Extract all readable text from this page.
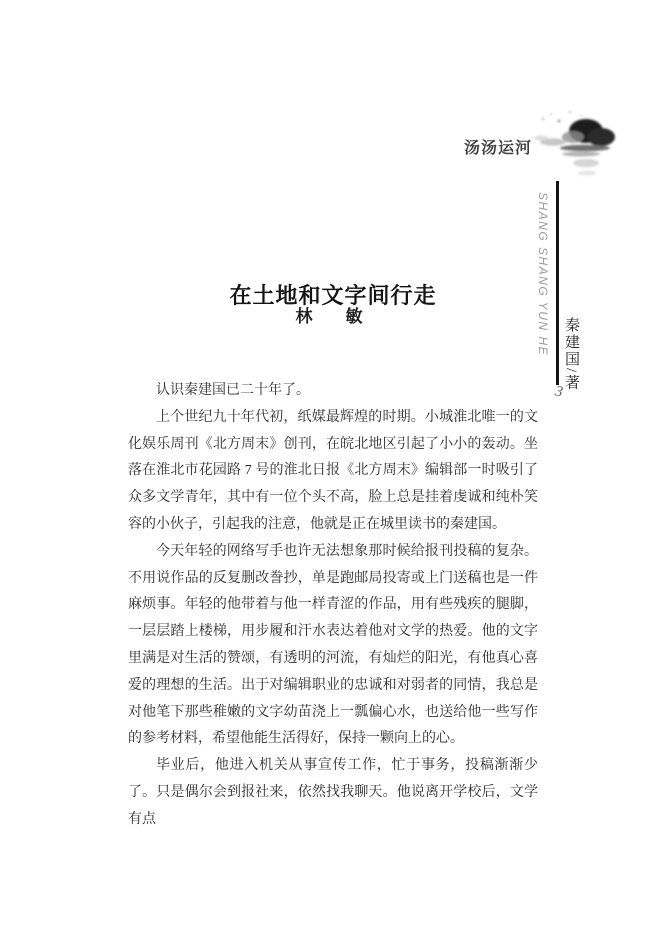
汤汤运河
SHANG SHANG YUN HE 秦建国/著
3
在土地和文字间行走
林　敏

认识秦建国已二十年了。

上个世纪九十年代初，纸媒最辉煌的时期。小城淮北唯一的文化娱乐周刊《北方周末》创刊，在皖北地区引起了小小的轰动。坐落在淮北市花园路 7 号的淮北日报《北方周末》编辑部一时吸引了众多文学青年，其中有一位个头不高，脸上总是挂着虔诚和纯朴笑容的小伙子，引起我的注意，他就是正在城里读书的秦建国。

今天年轻的网络写手也许无法想象那时候给报刊投稿的复杂。不用说作品的反复删改誊抄，单是跑邮局投寄或上门送稿也是一件麻烦事。年轻的他带着与他一样青涩的作品，用有些残疾的腿脚，一层层踏上楼梯，用步履和汗水表达着他对文学的热爱。他的文字里满是对生活的赞颂，有透明的河流，有灿烂的阳光，有他真心喜爱的理想的生活。出于对编辑职业的忠诚和对弱者的同情，我总是对他笔下那些稚嫩的文字幼苗浇上一瓢偏心水，也送给他一些写作的参考材料，希望他能生活得好，保持一颗向上的心。

毕业后，他进入机关从事宣传工作，忙于事务，投稿渐渐少了。只是偶尔会到报社来，依然找我聊天。他说离开学校后，文学有点
